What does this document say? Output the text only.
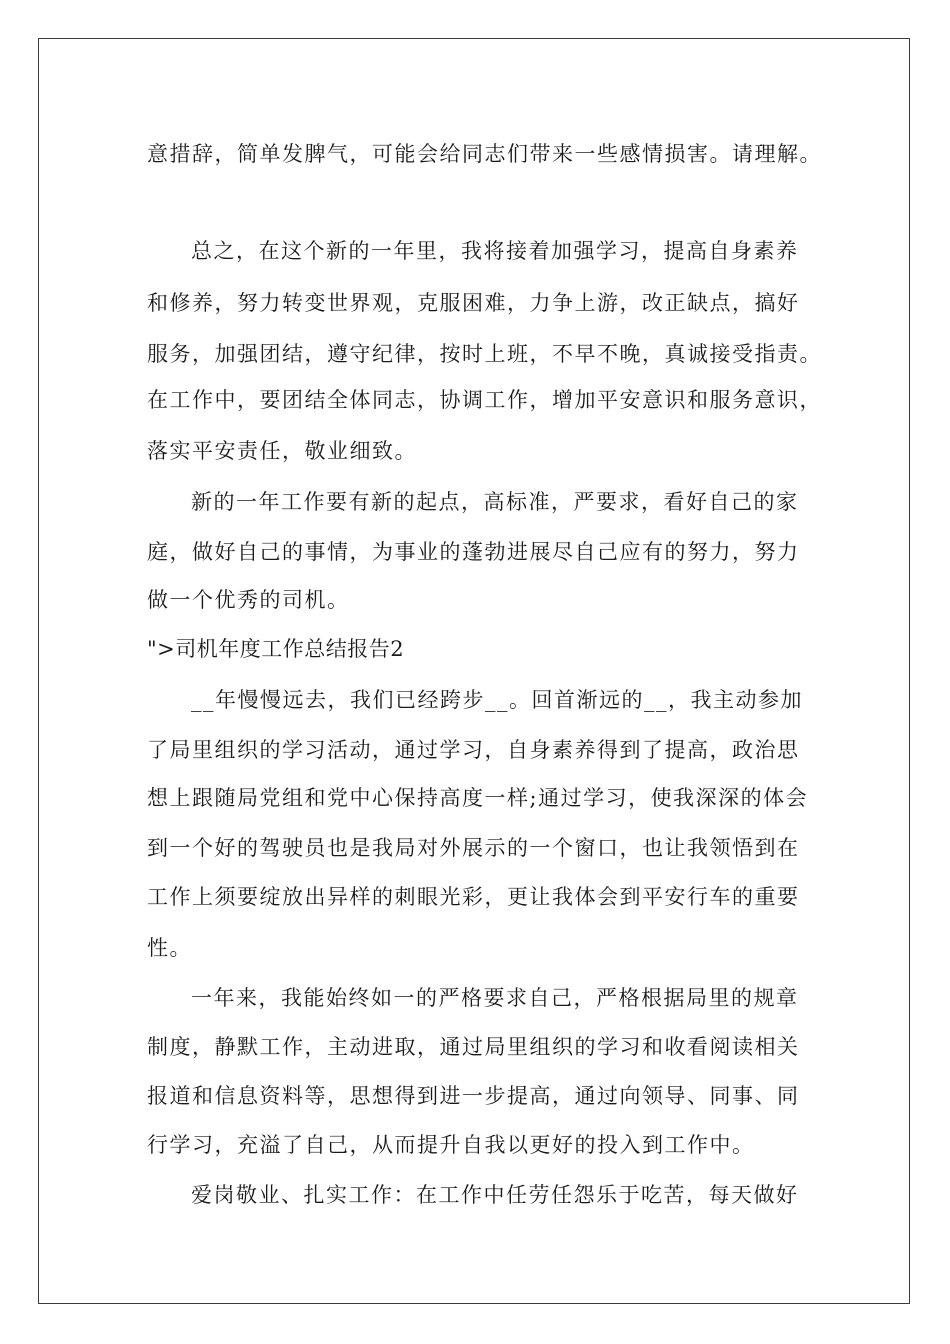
意措辞，简单发脾气，可能会给同志们带来一些感情损害。请理解。
总之，在这个新的一年里，我将接着加强学习，提高自身素养
和修养，努力转变世界观，克服困难，力争上游，改正缺点，搞好
服务，加强团结，遵守纪律，按时上班，不早不晚，真诚接受指责。
在工作中，要团结全体同志，协调工作，增加平安意识和服务意识，
落实平安责任，敬业细致。
新的一年工作要有新的起点，高标准，严要求，看好自己的家
庭，做好自己的事情，为事业的蓬勃进展尽自己应有的努力，努力
做一个优秀的司机。
">司机年度工作总结报告2
__年慢慢远去，我们已经跨步__。回首渐远的__，我主动参加
了局里组织的学习活动，通过学习，自身素养得到了提高，政治思
想上跟随局党组和党中心保持高度一样;通过学习，使我深深的体会
到一个好的驾驶员也是我局对外展示的一个窗口，也让我领悟到在
工作上须要绽放出异样的刺眼光彩，更让我体会到平安行车的重要
性。
一年来，我能始终如一的严格要求自己，严格根据局里的规章
制度，静默工作，主动进取，通过局里组织的学习和收看阅读相关
报道和信息资料等，思想得到进一步提高，通过向领导、同事、同
行学习，充溢了自己，从而提升自我以更好的投入到工作中。
爱岗敬业、扎实工作：在工作中任劳任怨乐于吃苦，每天做好
